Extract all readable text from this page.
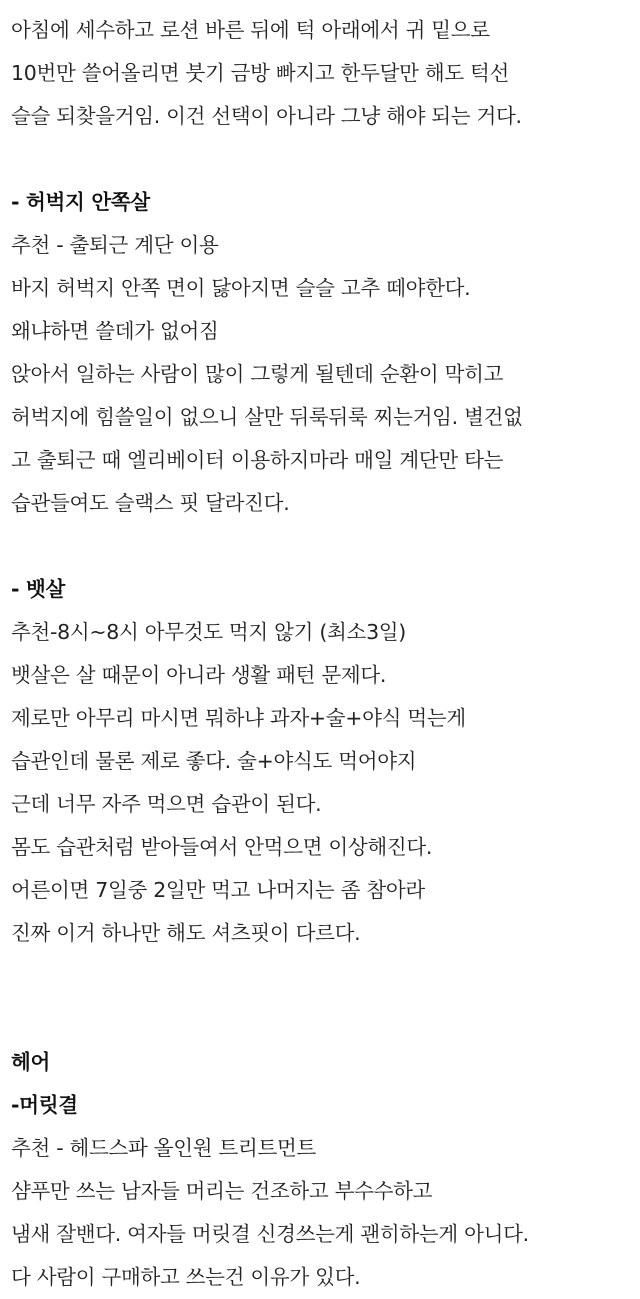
아침에 세수하고 로션 바른 뒤에 턱 아래에서 귀 밑으로
10번만 쓸어올리면 붓기 금방 빠지고 한두달만 해도 턱선
슬슬 되찾을거임. 이건 선택이 아니라 그냥 해야 되는 거다.
- 허벅지 안쪽살
추천 - 출퇴근 계단 이용
바지 허벅지 안쪽 면이 닳아지면 슬슬 고추 떼야한다.
왜냐하면 쓸데가 없어짐
앉아서 일하는 사람이 많이 그렇게 될텐데 순환이 막히고
허벅지에 힘쓸일이 없으니 살만 뒤룩뒤룩 찌는거임. 별건없
고 출퇴근 때 엘리베이터 이용하지마라 매일 계단만 타는
습관들여도 슬랙스 핏 달라진다.
- 뱃살
추천-8시~8시 아무것도 먹지 않기 (최소3일)
뱃살은 살 때문이 아니라 생활 패턴 문제다.
제로만 아무리 마시면 뭐하냐 과자+술+야식 먹는게
습관인데 물론 제로 좋다. 술+야식도 먹어야지
근데 너무 자주 먹으면 습관이 된다.
몸도 습관처럼 받아들여서 안먹으면 이상해진다.
어른이면 7일중 2일만 먹고 나머지는 좀 참아라
진짜 이거 하나만 해도 셔츠핏이 다르다.
헤어
-머릿결
추천 - 헤드스파 올인원 트리트먼트
샴푸만 쓰는 남자들 머리는 건조하고 부수수하고
냄새 잘밴다. 여자들 머릿결 신경쓰는게 괜히하는게 아니다.
다 사람이 구매하고 쓰는건 이유가 있다.
